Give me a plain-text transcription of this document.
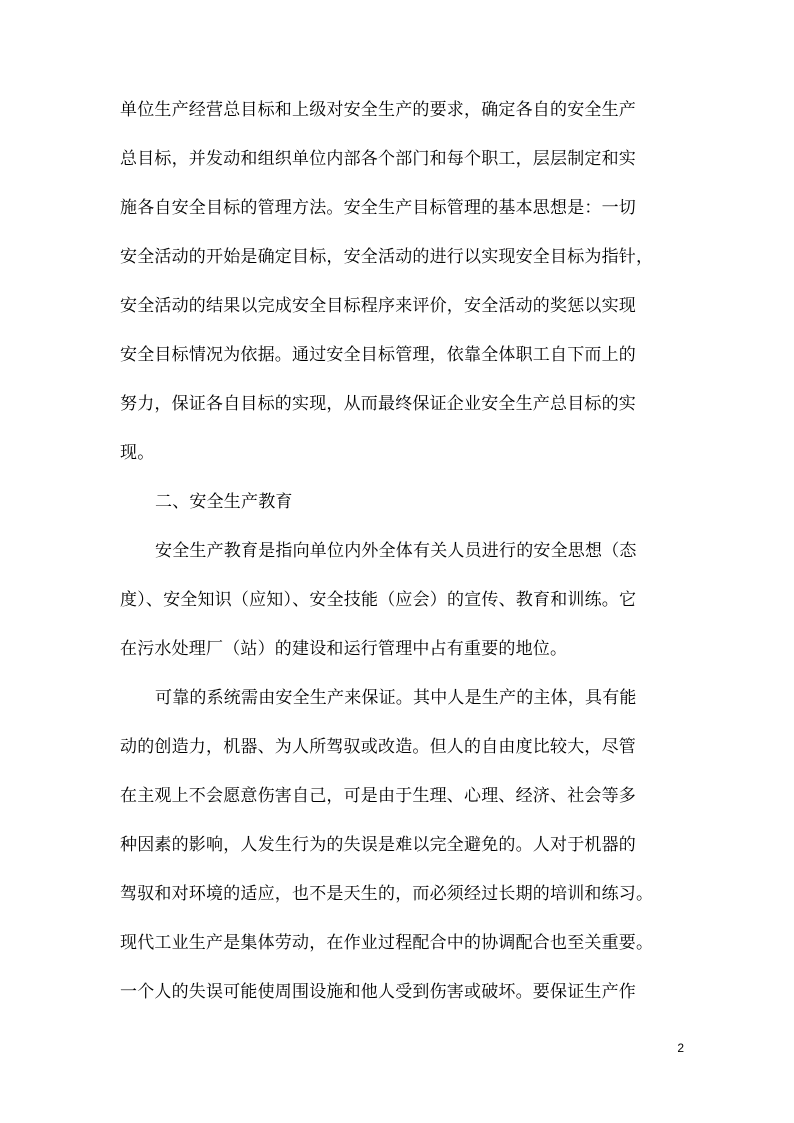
单位生产经营总目标和上级对安全生产的要求，确定各自的安全生产
总目标，并发动和组织单位内部各个部门和每个职工，层层制定和实
施各自安全目标的管理方法。安全生产目标管理的基本思想是：一切
安全活动的开始是确定目标，安全活动的进行以实现安全目标为指针，
安全活动的结果以完成安全目标程序来评价，安全活动的奖惩以实现
安全目标情况为依据。通过安全目标管理，依靠全体职工自下而上的
努力，保证各自目标的实现，从而最终保证企业安全生产总目标的实
现。
二、安全生产教育
安全生产教育是指向单位内外全体有关人员进行的安全思想（态
度）、安全知识（应知）、安全技能（应会）的宣传、教育和训练。它
在污水处理厂（站）的建设和运行管理中占有重要的地位。
可靠的系统需由安全生产来保证。其中人是生产的主体，具有能
动的创造力，机器、为人所驾驭或改造。但人的自由度比较大，尽管
在主观上不会愿意伤害自己，可是由于生理、心理、经济、社会等多
种因素的影响，人发生行为的失误是难以完全避免的。人对于机器的
驾驭和对环境的适应，也不是天生的，而必须经过长期的培训和练习。
现代工业生产是集体劳动，在作业过程配合中的协调配合也至关重要。
一个人的失误可能使周围设施和他人受到伤害或破坏。要保证生产作
2
